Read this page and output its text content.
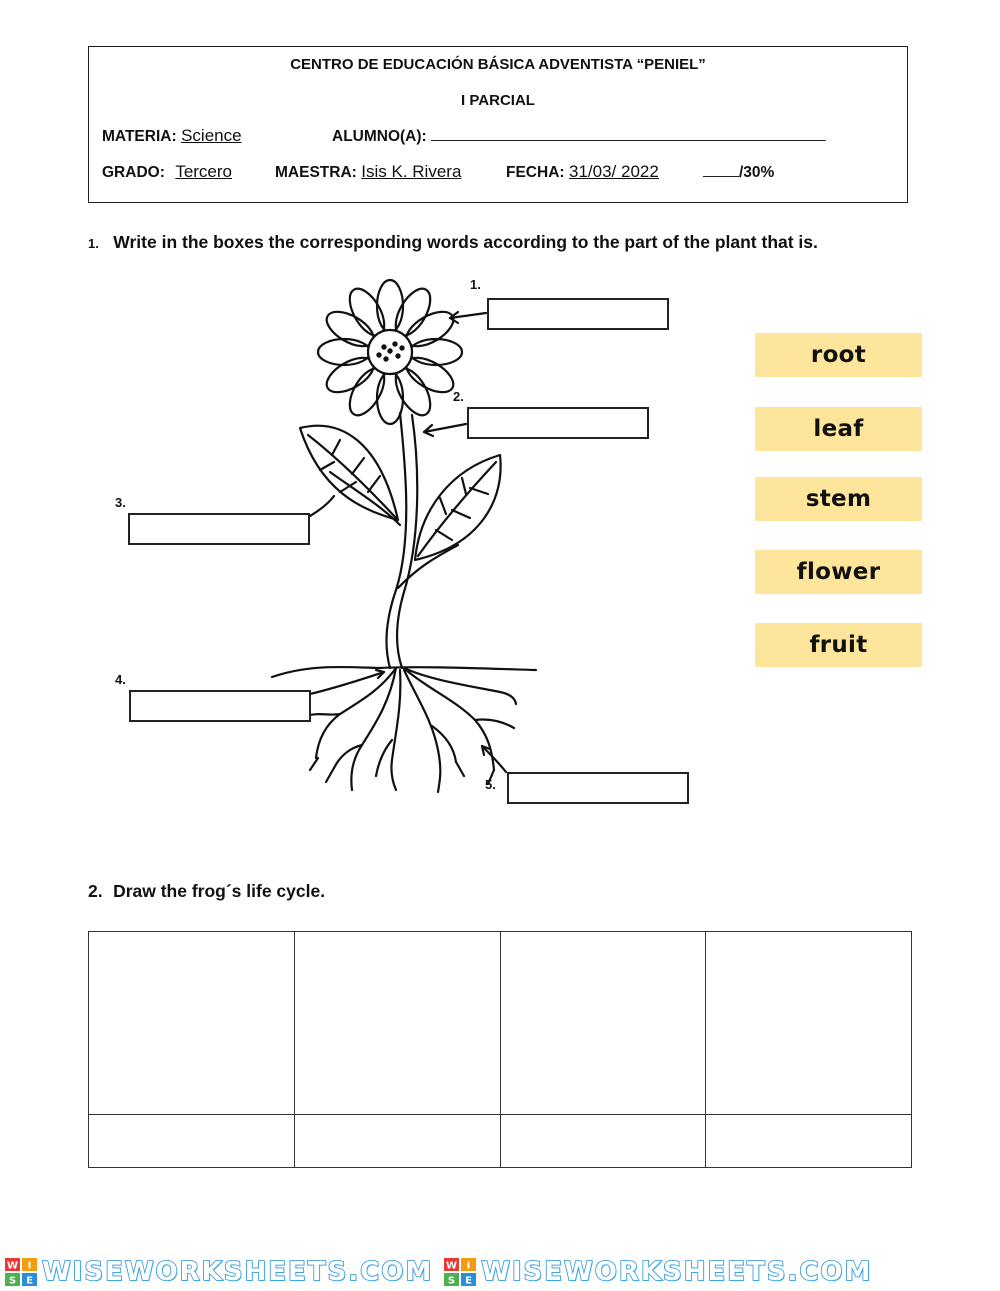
CENTRO DE EDUCACIÓN BÁSICA ADVENTISTA “PENIEL”
I PARCIAL
MATERIA: Science	ALUMNO(A):
GRADO: Tercero	MAESTRA: Isis K. Rivera	FECHA: 31/03/ 2022	/30%
1. Write in the boxes the corresponding words according to the part of the plant that is.
1.
2.
3.
4.
5.
root
leaf
stem
flower
fruit
2. Draw the frog´s life cycle.

W I
S E WISEWORKSHEETS.COM W I
S E WISEWORKSHEETS.COM
